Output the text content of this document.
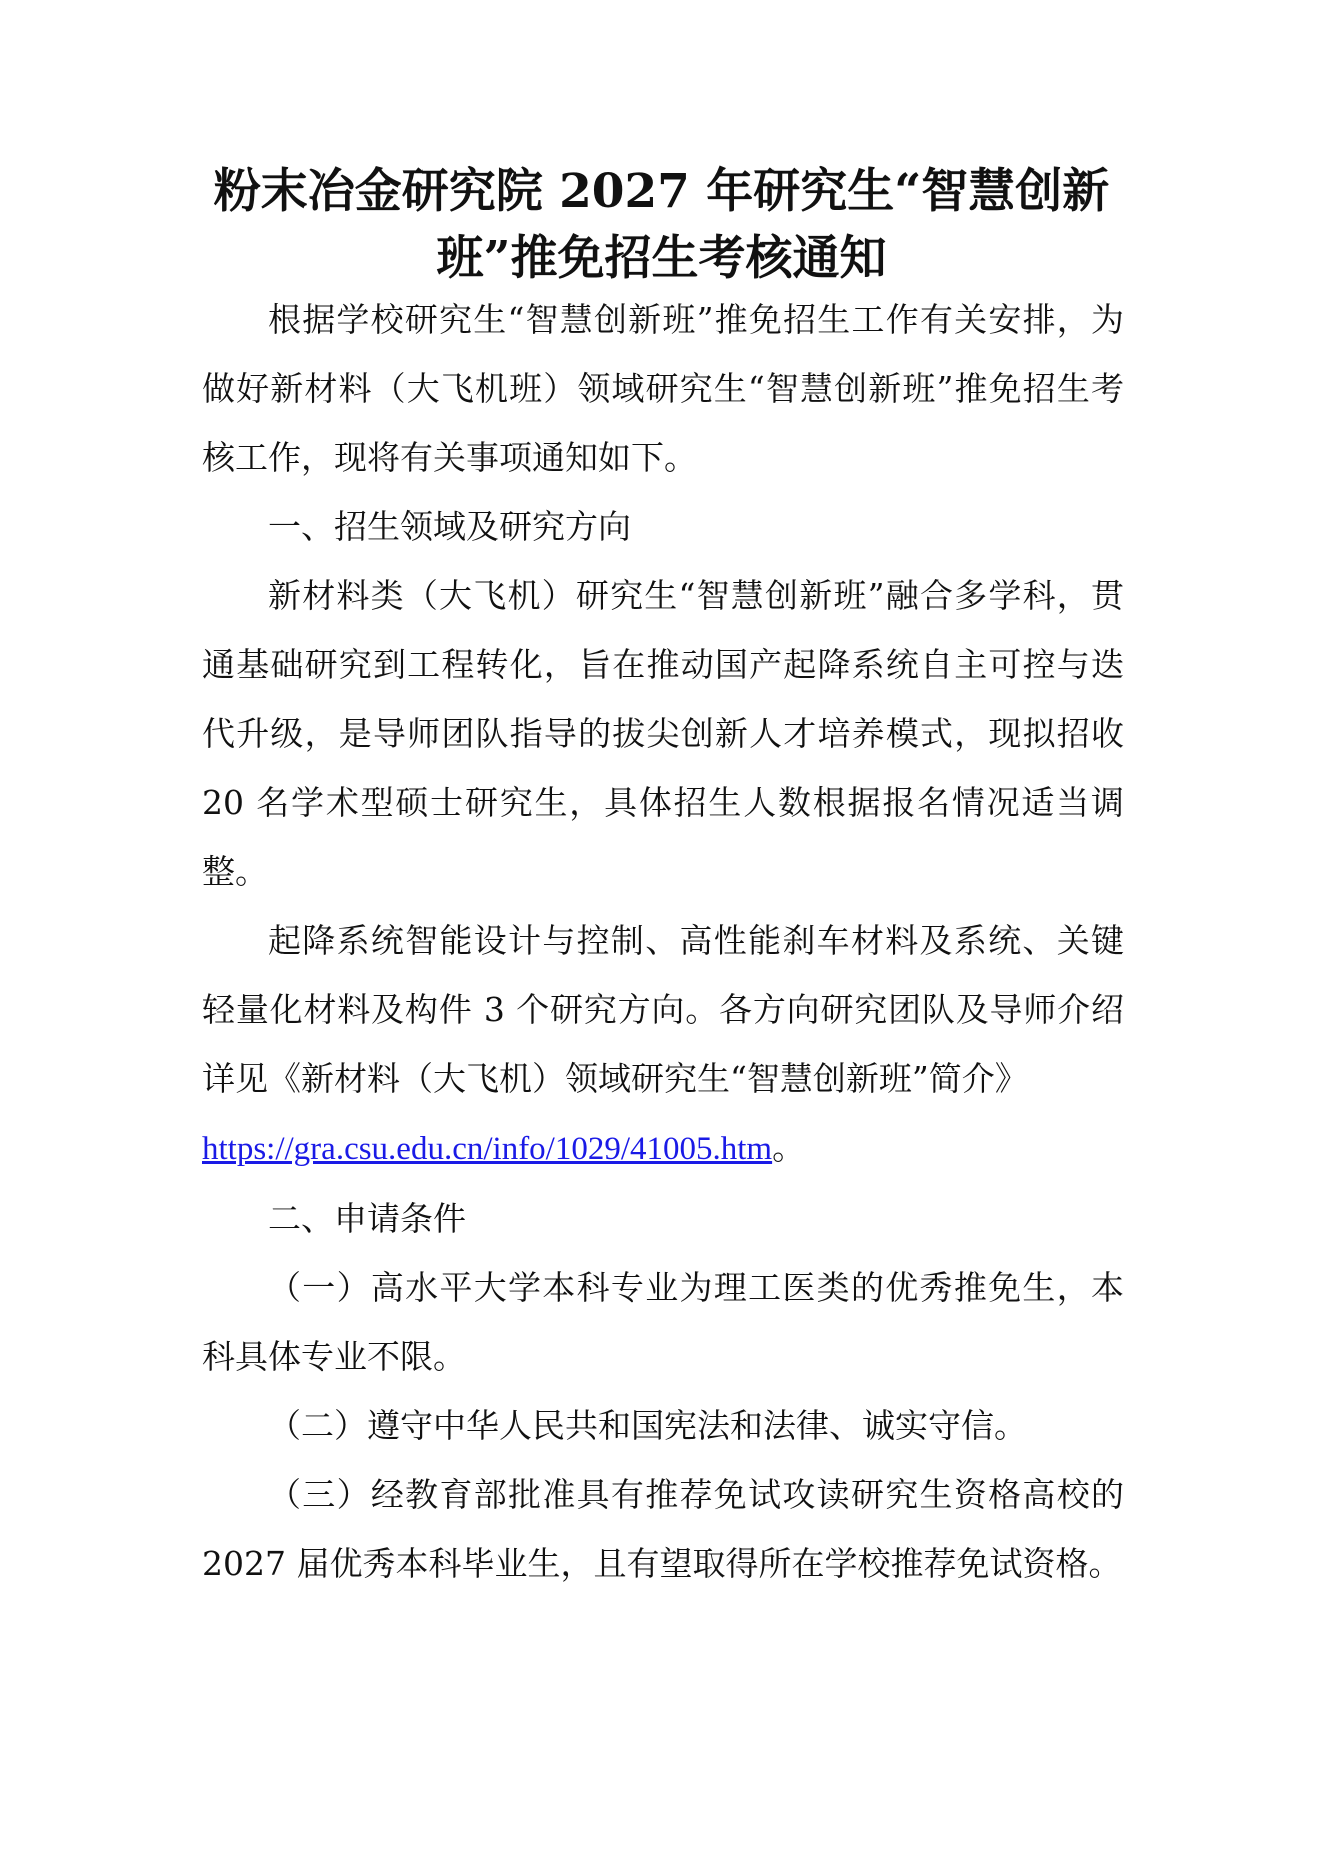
粉末冶金研究院 2027 年研究生“智慧创新
班”推免招生考核通知

根据学校研究生“智慧创新班”推免招生工作有关安排，为做好新材料（大飞机班）领域研究生“智慧创新班”推免招生考核工作，现将有关事项通知如下。

一、招生领域及研究方向

新材料类（大飞机）研究生“智慧创新班”融合多学科，贯通基础研究到工程转化，旨在推动国产起降系统自主可控与迭代升级，是导师团队指导的拔尖创新人才培养模式，现拟招收 20 名学术型硕士研究生，具体招生人数根据报名情况适当调整。

起降系统智能设计与控制、高性能刹车材料及系统、关键轻量化材料及构件 3 个研究方向。各方向研究团队及导师介绍详见《新材料（大飞机）领域研究生“智慧创新班”简介》

https://gra.csu.edu.cn/info/1029/41005.htm。

二、申请条件

（一）高水平大学本科专业为理工医类的优秀推免生，本科具体专业不限。

（二）遵守中华人民共和国宪法和法律、诚实守信。

（三）经教育部批准具有推荐免试攻读研究生资格高校的 2027 届优秀本科毕业生，且有望取得所在学校推荐免试资格。
